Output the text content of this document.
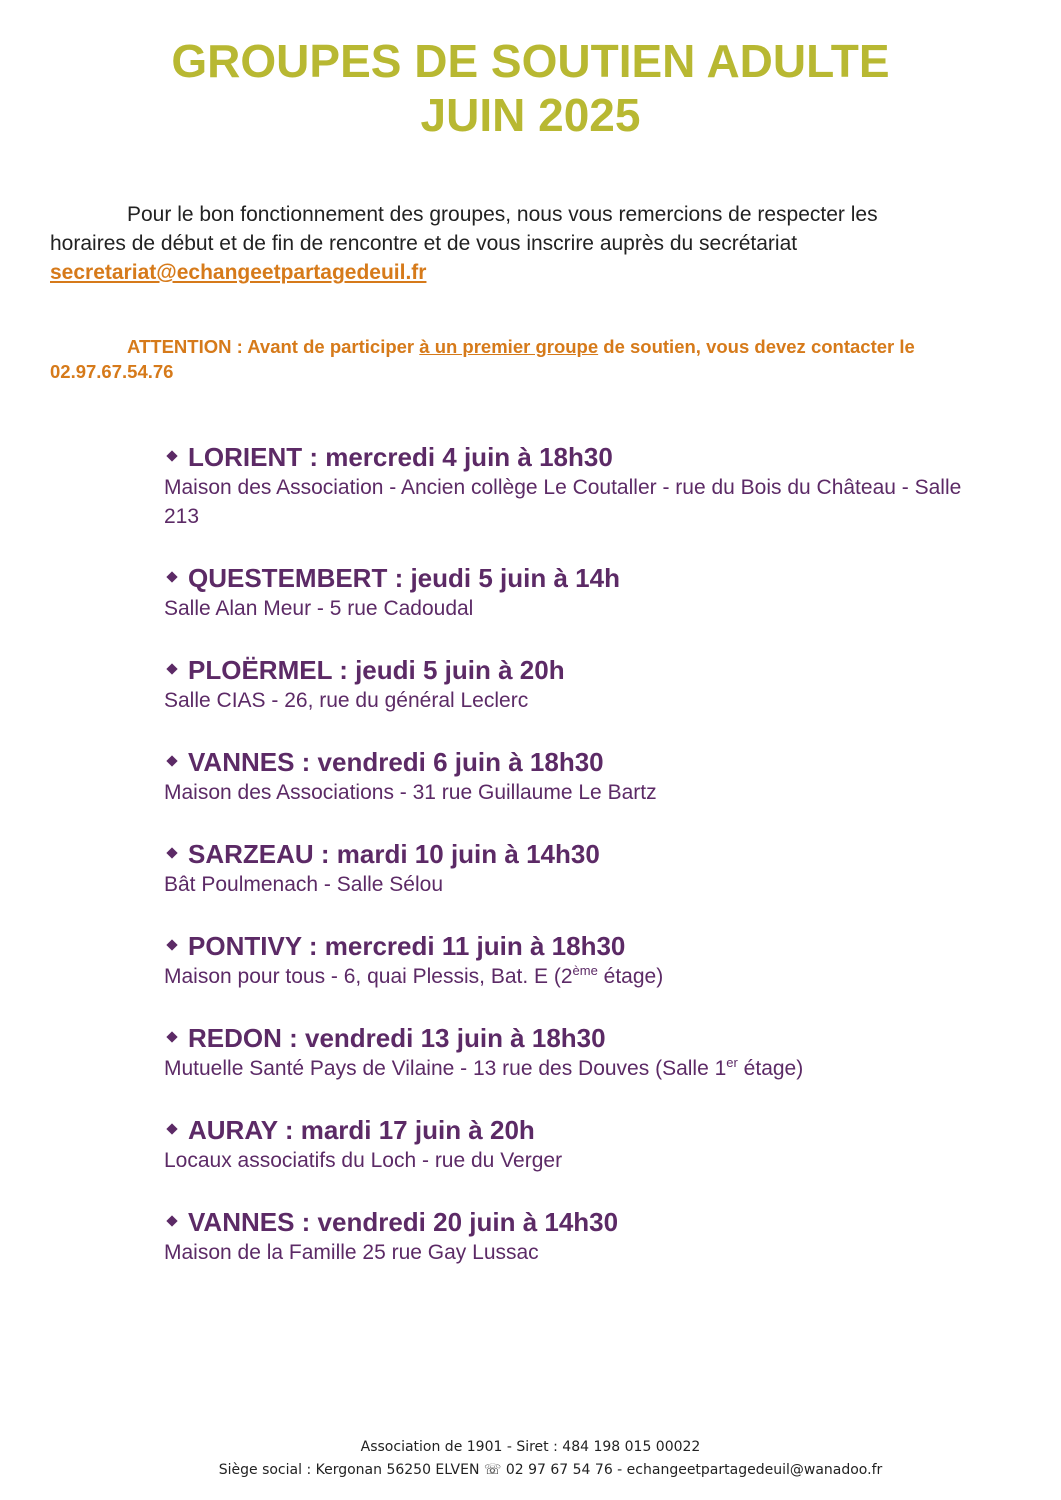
GROUPES DE SOUTIEN ADULTE
JUIN 2025

Pour le bon fonctionnement des groupes, nous vous remercions de respecter les horaires de début et de fin de rencontre et de vous inscrire auprès du secrétariat secretariat@echangeetpartagedeuil.fr

ATTENTION : Avant de participer à un premier groupe de soutien, vous devez contacter le 02.97.67.54.76

LORIENT : mercredi 4 juin à 18h30
Maison des Association - Ancien collège Le Coutaller - rue du Bois du Château - Salle 213
QUESTEMBERT : jeudi 5 juin à 14h
Salle Alan Meur - 5 rue Cadoudal
PLOËRMEL : jeudi 5 juin à 20h
Salle CIAS - 26, rue du général Leclerc
VANNES : vendredi 6 juin à 18h30
Maison des Associations - 31 rue Guillaume Le Bartz
SARZEAU : mardi 10 juin à 14h30
Bât Poulmenach - Salle Sélou
PONTIVY : mercredi 11 juin à 18h30
Maison pour tous - 6, quai Plessis, Bat. E (2ème étage)
REDON : vendredi 13 juin à 18h30
Mutuelle Santé Pays de Vilaine - 13 rue des Douves (Salle 1er étage)
AURAY : mardi 17 juin à 20h
Locaux associatifs du Loch - rue du Verger
VANNES : vendredi 20 juin à 14h30
Maison de la Famille 25 rue Gay Lussac
Association de 1901 - Siret : 484 198 015 00022
Siège social : Kergonan 56250 ELVEN ☏ 02 97 67 54 76 - echangeetpartagedeuil@wanadoo.fr
